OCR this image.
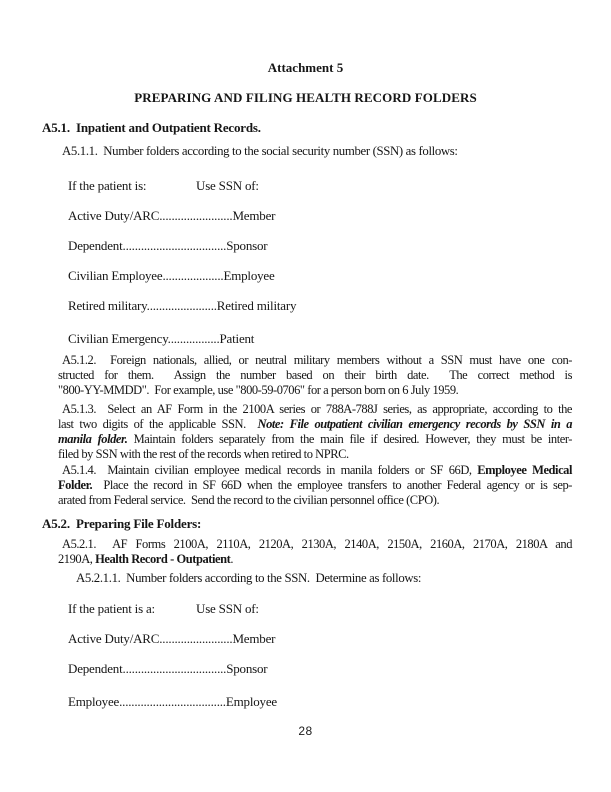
Attachment 5
PREPARING AND FILING HEALTH RECORD FOLDERS
A5.1.  Inpatient and Outpatient Records.
A5.1.1.  Number folders according to the social security number (SSN) as follows:
If the patient is:	Use SSN of:
Active Duty/ARC........................Member
Dependent..................................Sponsor
Civilian Employee....................Employee
Retired military.......................Retired military
Civilian Emergency.................Patient
A5.1.2.  Foreign nationals, allied, or neutral military members without a SSN must have one con-
structed for them.  Assign the number based on their birth date.  The correct method is
"800-YY-MMDD".  For example, use "800-59-0706" for a person born on 6 July 1959.
A5.1.3.  Select an AF Form in the 2100A series or 788A-788J series, as appropriate, according to the
last two digits of the applicable SSN.  Note: File outpatient civilian emergency records by SSN in a
manila folder. Maintain folders separately from the main file if desired. However, they must be inter-
filed by SSN with the rest of the records when retired to NPRC.
A5.1.4.  Maintain civilian employee medical records in manila folders or SF 66D, Employee Medical
Folder.  Place the record in SF 66D when the employee transfers to another Federal agency or is sep-
arated from Federal service.  Send the record to the civilian personnel office (CPO).
A5.2.  Preparing File Folders:
A5.2.1.  AF Forms 2100A, 2110A, 2120A, 2130A, 2140A, 2150A, 2160A, 2170A, 2180A and
2190A, Health Record - Outpatient.
A5.2.1.1.  Number folders according to the SSN.  Determine as follows:
If the patient is a:	Use SSN of:
Active Duty/ARC........................Member
Dependent..................................Sponsor
Employee...................................Employee
28
